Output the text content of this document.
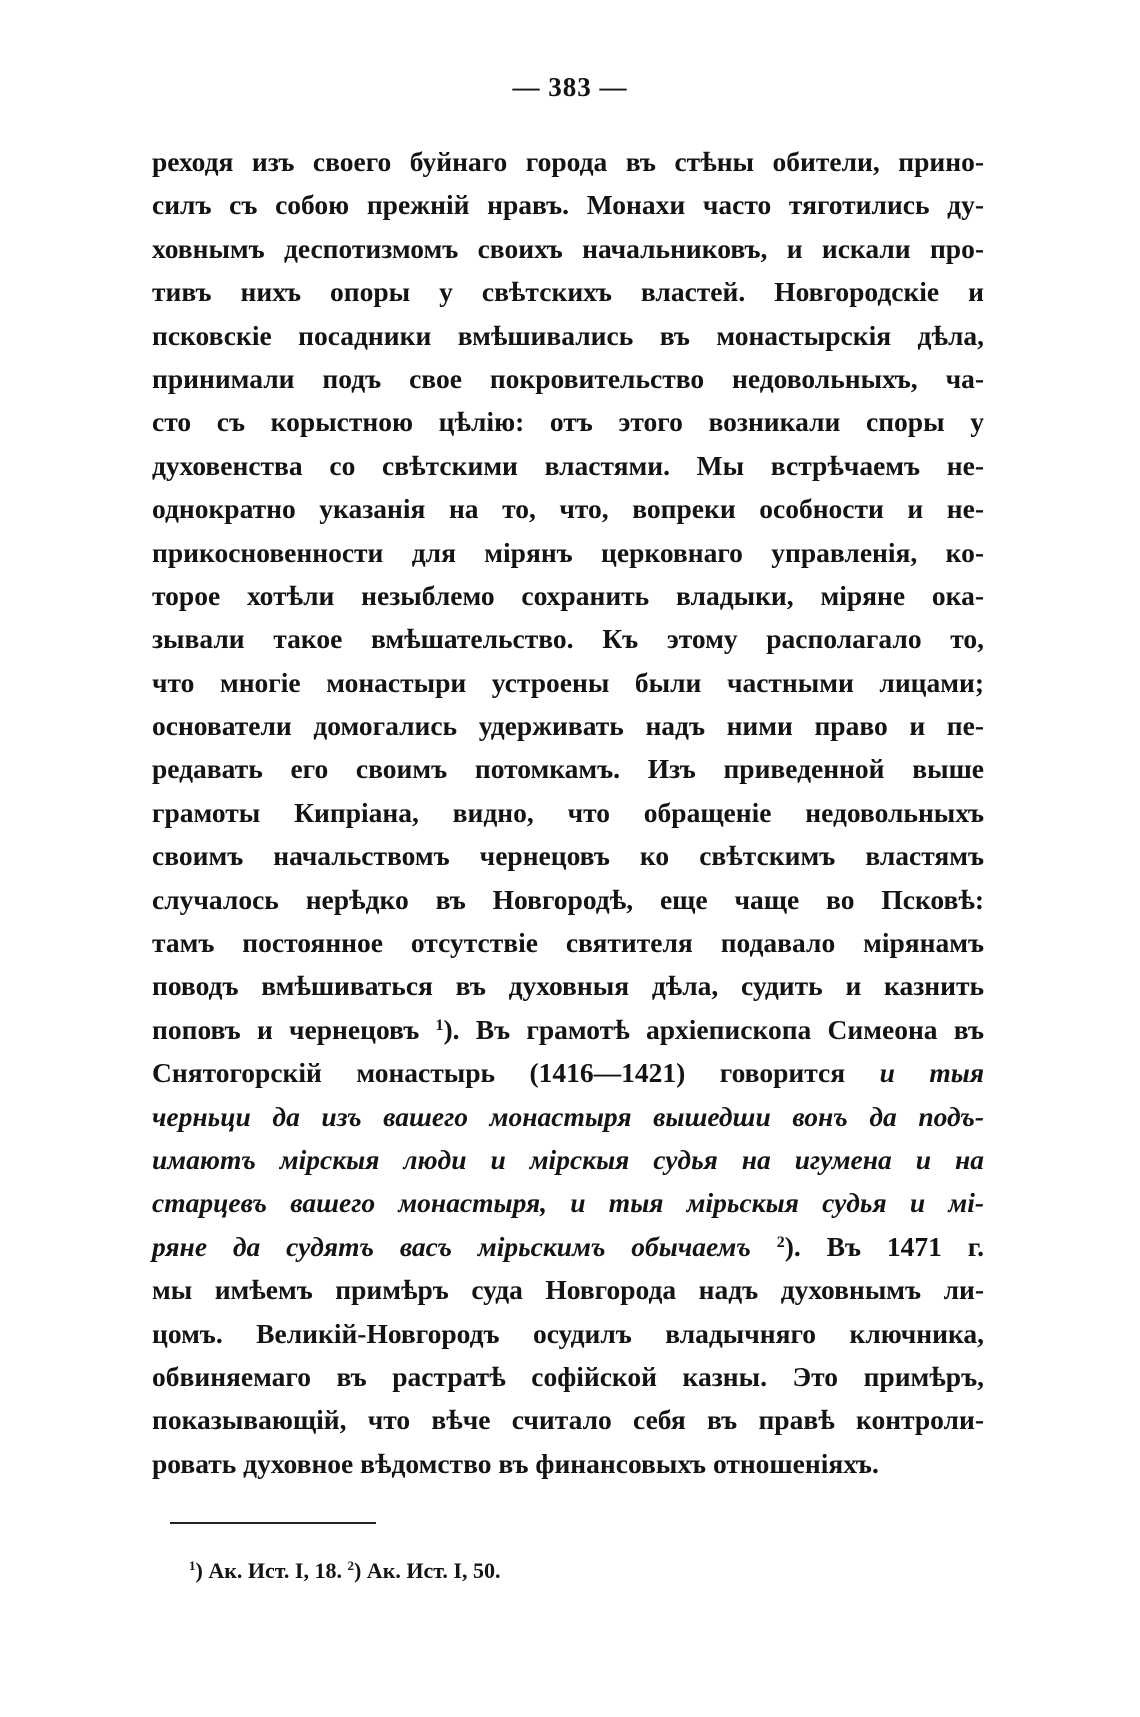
— 383 —
реходя изъ своего буйнаго города въ стѣны обители, прино-
силъ съ собою прежній нравъ. Монахи часто тяготились ду-
ховнымъ деспотизмомъ своихъ начальниковъ, и искали про-
тивъ нихъ опоры у свѣтскихъ властей. Новгородскіе и
псковскіе посадники вмѣшивались въ монастырскія дѣла,
принимали подъ свое покровительство недовольныхъ, ча-
сто съ корыстною цѣлію: отъ этого возникали споры у
духовенства со свѣтскими властями. Мы встрѣчаемъ не-
однократно указанія на то, что, вопреки особности и не-
прикосновенности для мірянъ церковнаго управленія, ко-
торое хотѣли незыблемо сохранить владыки, міряне ока-
зывали такое вмѣшательство. Къ этому располагало то,
что многіе монастыри устроены были частными лицами;
основатели домогались удерживать надъ ними право и пе-
редавать его своимъ потомкамъ. Изъ приведенной выше
грамоты Кипріана, видно, что обращеніе недовольныхъ
своимъ начальствомъ чернецовъ ко свѣтскимъ властямъ
случалось нерѣдко въ Новгородѣ, еще чаще во Псковѣ:
тамъ постоянное отсутствіе святителя подавало мірянамъ
поводъ вмѣшиваться въ духовныя дѣла, судить и казнить
поповъ и чернецовъ $^1$). Въ грамотѣ архіепископа Симеона въ
Снятогорскій монастырь (1416—1421) говорится и тыя
черньци да изъ вашего монастыря вышедши вонъ да подъ-
имаютъ мірскыя люди и мірскыя судья на игумена и на
старцевъ вашего монастыря, и тыя мірьскыя судья и мі-
ряне да судятъ васъ мірьскимъ обычаемъ $^2$). Въ 1471 г.
мы имѣемъ примѣръ суда Новгорода надъ духовнымъ ли-
цомъ. Великій-Новгородъ осудилъ владычняго ключника,
обвиняемаго въ растратѣ софійской казны. Это примѣръ,
показывающій, что вѣче считало себя въ правѣ контроли-
ровать духовное вѣдомство въ финансовыхъ отношеніяхъ.
$^1$) Ак. Ист. I, 18. $^2$) Ак. Ист. I, 50.
